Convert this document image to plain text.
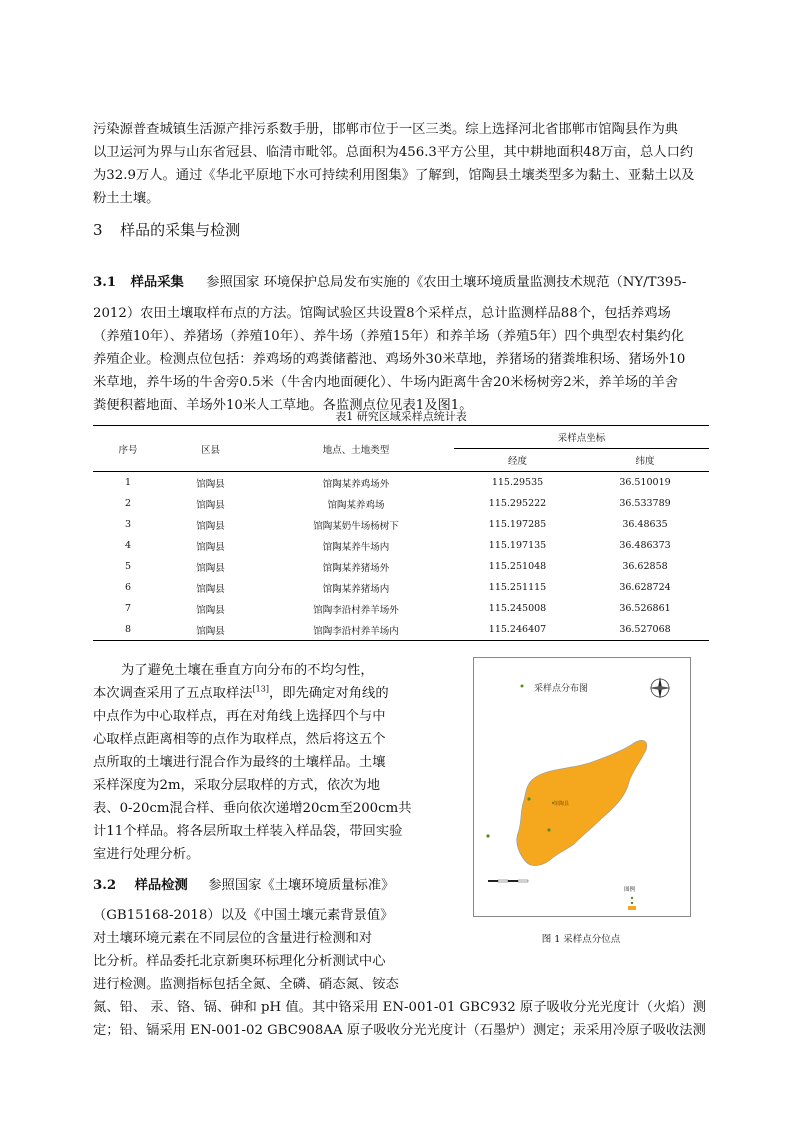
污染源普查城镇生活源产排污系数手册，邯郸市位于一区三类。综上选择河北省邯郸市馆陶县作为典
以卫运河为界与山东省冠县、临清市毗邻。总面积为456.3平方公里，其中耕地面积48万亩，总人口约
为32.9万人。通过《华北平原地下水可持续利用图集》了解到，馆陶县土壤类型多为黏土、亚黏土以及
粉土土壤。
3 样品的采集与检测
3.1 样品采集 参照国家 环境保护总局发布实施的《农田土壤环境质量监测技术规范（NY/T395-
2012）农田土壤取样布点的方法。馆陶试验区共设置8个采样点，总计监测样品88个，包括养鸡场
（养殖10年）、养猪场（养殖10年）、养牛场（养殖15年）和养羊场（养殖5年）四个典型农村集约化
养殖企业。检测点位包括：养鸡场的鸡粪储蓄池、鸡场外30米草地，养猪场的猪粪堆积场、猪场外10
米草地，养牛场的牛舍旁0.5米（牛舍内地面硬化）、牛场内距离牛舍20米杨树旁2米，养羊场的羊舍
粪便积蓄地面、羊场外10米人工草地。各监测点位见表1及图1。
表1 研究区域采样点统计表
序号	区县	地点、土地类型	采样点坐标	
			经度	纬度
1	馆陶县	馆陶某养鸡场外	115.29535	36.510019
2	馆陶县	馆陶某养鸡场	115.295222	36.533789
3	馆陶县	馆陶某奶牛场杨树下	115.197285	36.48635
4	馆陶县	馆陶某养牛场内	115.197135	36.486373
5	馆陶县	馆陶某养猪场外	115.251048	36.62858
6	馆陶县	馆陶某养猪场内	115.251115	36.628724
7	馆陶县	馆陶李沿村养羊场外	115.245008	36.526861
8	馆陶县	馆陶李沿村养羊场内	115.246407	36.527068
为了避免土壤在垂直方向分布的不均匀性，
本次调查采用了五点取样法[13]，即先确定对角线的
中点作为中心取样点，再在对角线上选择四个与中
心取样点距离相等的点作为取样点，然后将这五个
点所取的土壤进行混合作为最终的土壤样品。土壤
采样深度为2m，采取分层取样的方式，依次为地
表、0-20cm混合样、垂向依次递增20cm至200cm共
计11个样品。将各层所取土样装入样品袋，带回实验
室进行处理分析。
3.2 样品检测 参照国家《土壤环境质量标准》
（GB15168-2018）以及《中国土壤元素背景值》
对土壤环境元素在不同层位的含量进行检测和对
比分析。样品委托北京新奥环标理化分析测试中心
进行检测。监测指标包括全氮、全磷、硝态氮、铵态
氮、铅、 汞、铬、镉、砷和 pH 值。其中铬采用 EN-001-01 GBC932 原子吸收分光光度计（火焰）测
定；铅、镉采用 EN-001-02 GBC908AA 原子吸收分光光度计（石墨炉）测定；汞采用冷原子吸收法测
采样点分布图
馆陶县
图例
图 1 采样点分位点
